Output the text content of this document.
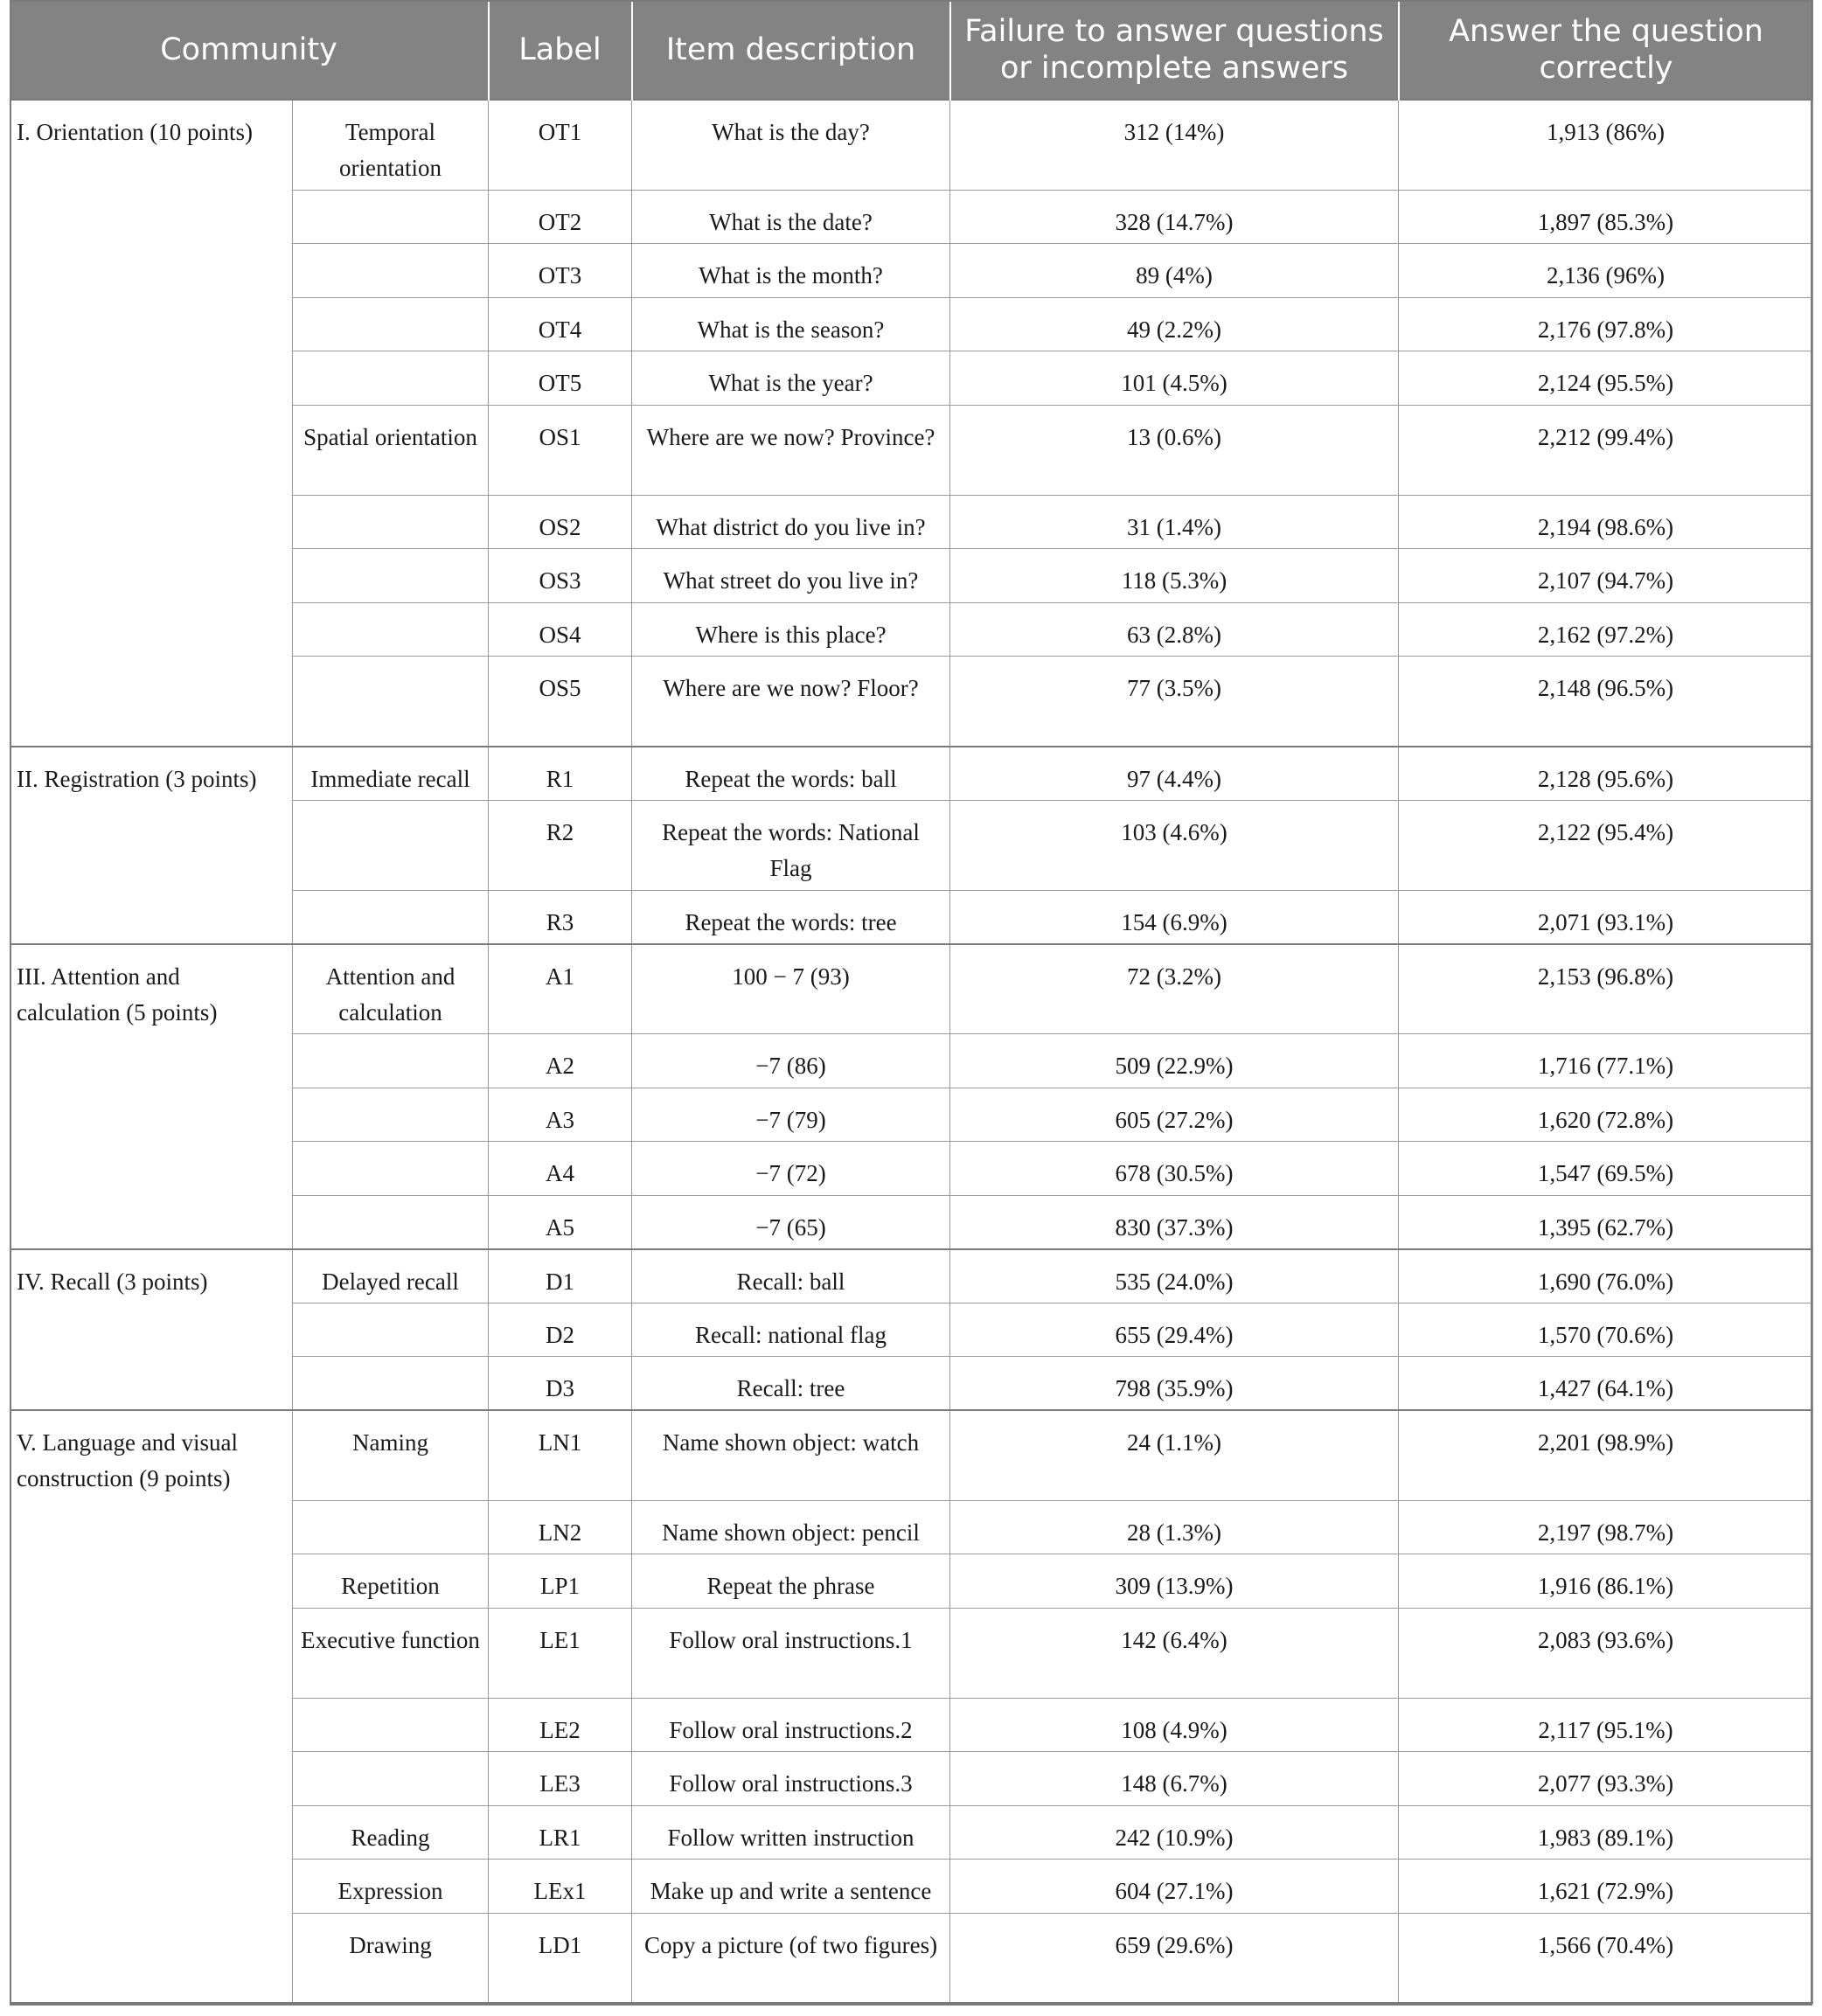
Community		Label	Item description	Failure to answer questions or incomplete answers	Answer the question correctly
I. Orientation (10 points)	Temporal orientation	OT1	What is the day?	312 (14%)	1,913 (86%)
		OT2	What is the date?	328 (14.7%)	1,897 (85.3%)
		OT3	What is the month?	89 (4%)	2,136 (96%)
		OT4	What is the season?	49 (2.2%)	2,176 (97.8%)
		OT5	What is the year?	101 (4.5%)	2,124 (95.5%)
	Spatial orientation	OS1	Where are we now? Province?	13 (0.6%)	2,212 (99.4%)
		OS2	What district do you live in?	31 (1.4%)	2,194 (98.6%)
		OS3	What street do you live in?	118 (5.3%)	2,107 (94.7%)
		OS4	Where is this place?	63 (2.8%)	2,162 (97.2%)
		OS5	Where are we now? Floor?	77 (3.5%)	2,148 (96.5%)
II. Registration (3 points)	Immediate recall	R1	Repeat the words: ball	97 (4.4%)	2,128 (95.6%)
		R2	Repeat the words: National Flag	103 (4.6%)	2,122 (95.4%)
		R3	Repeat the words: tree	154 (6.9%)	2,071 (93.1%)
III. Attention and calculation (5 points)	Attention and calculation	A1	100 − 7 (93)	72 (3.2%)	2,153 (96.8%)
		A2	−7 (86)	509 (22.9%)	1,716 (77.1%)
		A3	−7 (79)	605 (27.2%)	1,620 (72.8%)
		A4	−7 (72)	678 (30.5%)	1,547 (69.5%)
		A5	−7 (65)	830 (37.3%)	1,395 (62.7%)
IV. Recall (3 points)	Delayed recall	D1	Recall: ball	535 (24.0%)	1,690 (76.0%)
		D2	Recall: national flag	655 (29.4%)	1,570 (70.6%)
		D3	Recall: tree	798 (35.9%)	1,427 (64.1%)
V. Language and visual construction (9 points)	Naming	LN1	Name shown object: watch	24 (1.1%)	2,201 (98.9%)
		LN2	Name shown object: pencil	28 (1.3%)	2,197 (98.7%)
	Repetition	LP1	Repeat the phrase	309 (13.9%)	1,916 (86.1%)
	Executive function	LE1	Follow oral instructions.1	142 (6.4%)	2,083 (93.6%)
		LE2	Follow oral instructions.2	108 (4.9%)	2,117 (95.1%)
		LE3	Follow oral instructions.3	148 (6.7%)	2,077 (93.3%)
	Reading	LR1	Follow written instruction	242 (10.9%)	1,983 (89.1%)
	Expression	LEx1	Make up and write a sentence	604 (27.1%)	1,621 (72.9%)
	Drawing	LD1	Copy a picture (of two figures)	659 (29.6%)	1,566 (70.4%)
